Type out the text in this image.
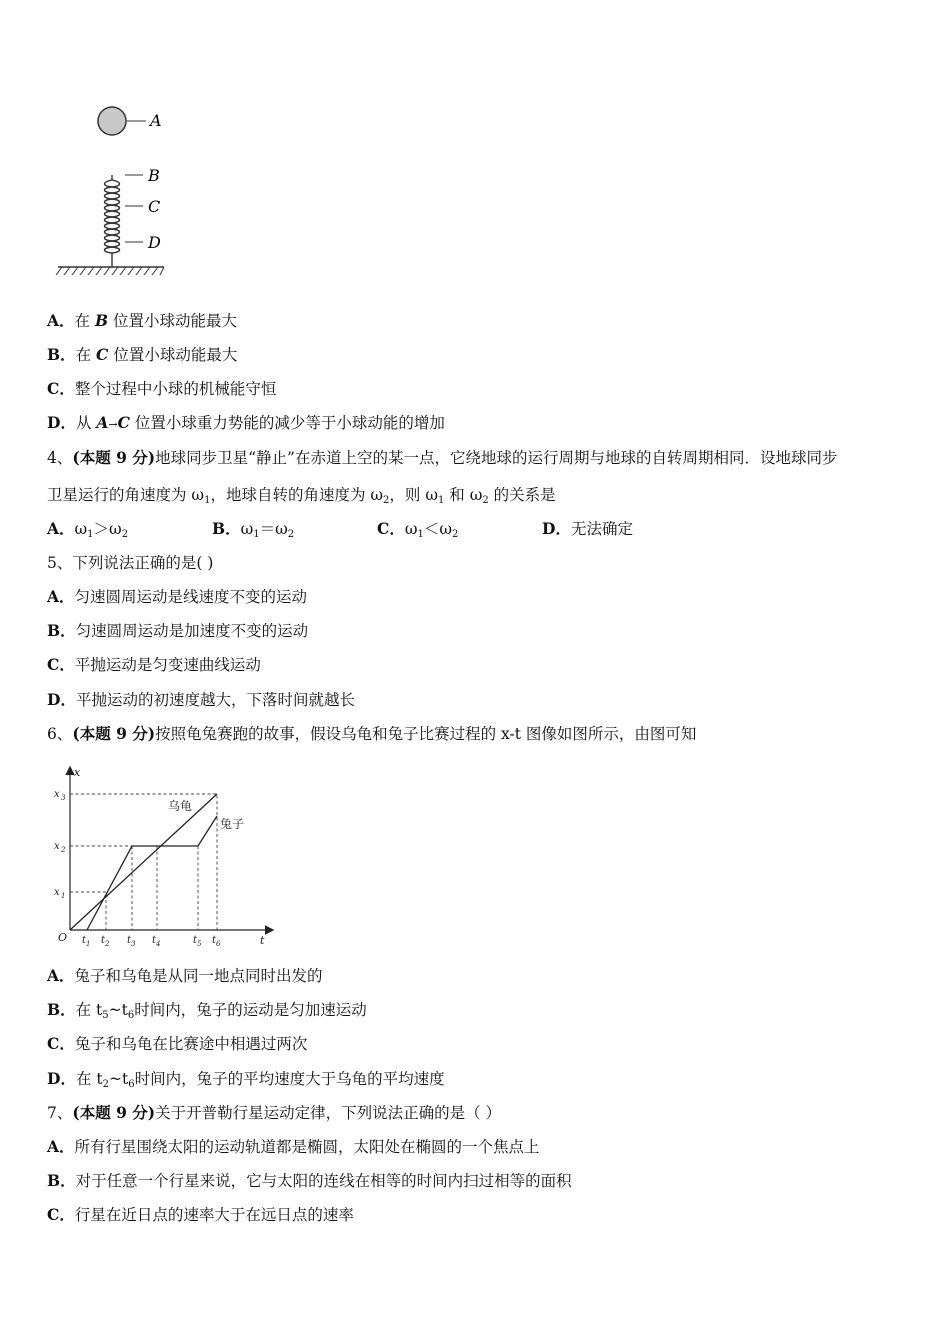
A
B
C
D
A．在 B 位置小球动能最大
B．在 C 位置小球动能最大
C．整个过程中小球的机械能守恒
D．从 A→C 位置小球重力势能的减少等于小球动能的增加
4、(本题 9 分)地球同步卫星“静止”在赤道上空的某一点，它绕地球的运行周期与地球的自转周期相同．设地球同步
卫星运行的角速度为 $\omega_1$，地球自转的角速度为 $\omega_2$，则 $\omega_1$ 和 $\omega_2$ 的关系是
A．$\omega_1>\omega_2$	B．$\omega_1=\omega_2$	C．$\omega_1<\omega_2$	D．无法确定
5、下列说法正确的是( )
A．匀速圆周运动是线速度不变的运动
B．匀速圆周运动是加速度不变的运动
C．平抛运动是匀变速曲线运动
D．平抛运动的初速度越大，下落时间就越长
6、(本题 9 分)按照龟兔赛跑的故事，假设乌龟和兔子比赛过程的 x-t 图像如图所示，由图可知
x
t
O
x 1
x 2
x 3
t 1 t 2 t 3 t 4	t 5 t 6
乌龟
兔子
A．兔子和乌龟是从同一地点同时出发的
B．在 $t_5\sim t_6$时间内，兔子的运动是匀加速运动
C．兔子和乌龟在比赛途中相遇过两次
D．在 $t_2\sim t_6$时间内，兔子的平均速度大于乌龟的平均速度
7、(本题 9 分)关于开普勒行星运动定律，下列说法正确的是（ ）
A．所有行星围绕太阳的运动轨道都是椭圆，太阳处在椭圆的一个焦点上
B．对于任意一个行星来说，它与太阳的连线在相等的时间内扫过相等的面积
C．行星在近日点的速率大于在远日点的速率
